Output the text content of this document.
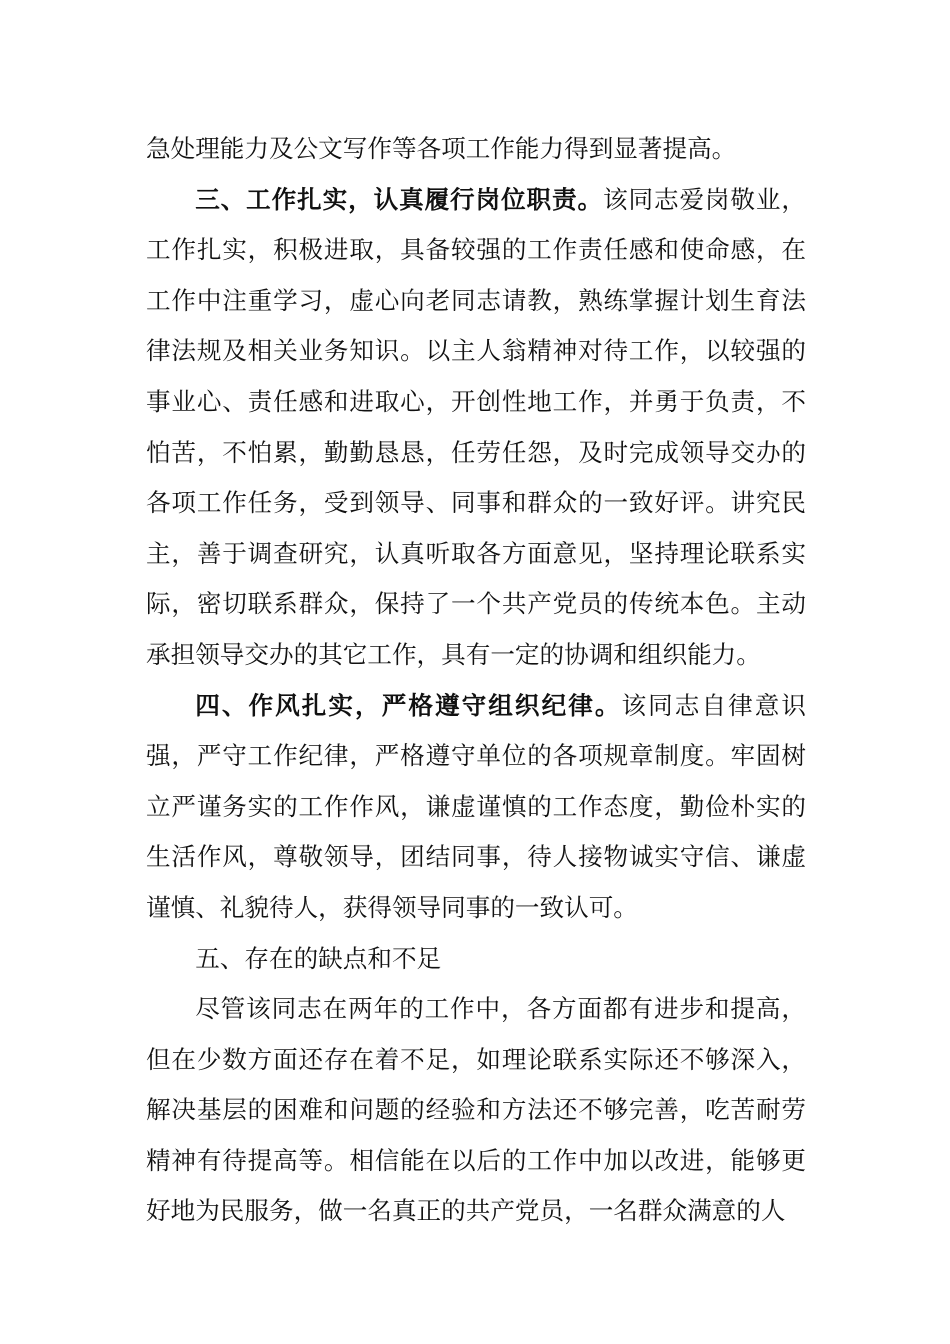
急处理能力及公文写作等各项工作能力得到显著提高。

三、工作扎实，认真履行岗位职责。该同志爱岗敬业，工作扎实，积极进取，具备较强的工作责任感和使命感，在工作中注重学习，虚心向老同志请教，熟练掌握计划生育法律法规及相关业务知识。以主人翁精神对待工作，以较强的事业心、责任感和进取心，开创性地工作，并勇于负责，不怕苦，不怕累，勤勤恳恳，任劳任怨，及时完成领导交办的各项工作任务，受到领导、同事和群众的一致好评。讲究民主，善于调查研究，认真听取各方面意见，坚持理论联系实际，密切联系群众，保持了一个共产党员的传统本色。主动承担领导交办的其它工作，具有一定的协调和组织能力。

四、作风扎实，严格遵守组织纪律。该同志自律意识强，严守工作纪律，严格遵守单位的各项规章制度。牢固树立严谨务实的工作作风，谦虚谨慎的工作态度，勤俭朴实的生活作风，尊敬领导，团结同事，待人接物诚实守信、谦虚谨慎、礼貌待人，获得领导同事的一致认可。

五、存在的缺点和不足

尽管该同志在两年的工作中，各方面都有进步和提高，但在少数方面还存在着不足，如理论联系实际还不够深入，解决基层的困难和问题的经验和方法还不够完善，吃苦耐劳精神有待提高等。相信能在以后的工作中加以改进，能够更好地为民服务，做一名真正的共产党员，一名群众满意的人
